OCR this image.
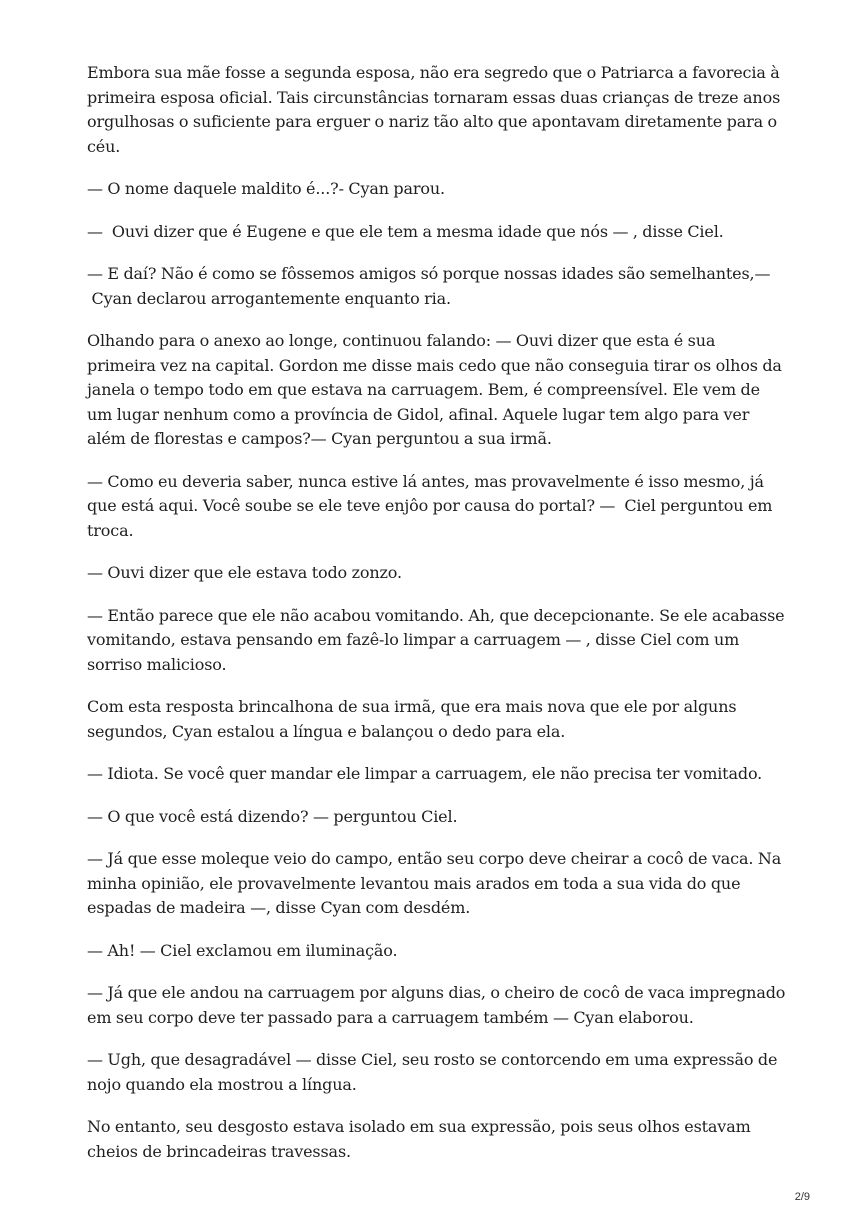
Embora sua mãe fosse a segunda esposa, não era segredo que o Patriarca a favorecia à primeira esposa oficial. Tais circunstâncias tornaram essas duas crianças de treze anos orgulhosas o suficiente para erguer o nariz tão alto que apontavam diretamente para o céu.

— O nome daquele maldito é...?- Cyan parou.

—  Ouvi dizer que é Eugene e que ele tem a mesma idade que nós — , disse Ciel.

— E daí? Não é como se fôssemos amigos só porque nossas idades são semelhantes,—
Cyan declarou arrogantemente enquanto ria.

Olhando para o anexo ao longe, continuou falando: — Ouvi dizer que esta é sua primeira vez na capital. Gordon me disse mais cedo que não conseguia tirar os olhos da janela o tempo todo em que estava na carruagem. Bem, é compreensível. Ele vem de um lugar nenhum como a província de Gidol, afinal. Aquele lugar tem algo para ver além de florestas e campos?— Cyan perguntou a sua irmã.

— Como eu deveria saber, nunca estive lá antes, mas provavelmente é isso mesmo, já que está aqui. Você soube se ele teve enjôo por causa do portal? —  Ciel perguntou em troca.

— Ouvi dizer que ele estava todo zonzo.

— Então parece que ele não acabou vomitando. Ah, que decepcionante. Se ele acabasse vomitando, estava pensando em fazê-lo limpar a carruagem — , disse Ciel com um sorriso malicioso.

Com esta resposta brincalhona de sua irmã, que era mais nova que ele por alguns segundos, Cyan estalou a língua e balançou o dedo para ela.

— Idiota. Se você quer mandar ele limpar a carruagem, ele não precisa ter vomitado.

— O que você está dizendo? — perguntou Ciel.

— Já que esse moleque veio do campo, então seu corpo deve cheirar a cocô de vaca. Na minha opinião, ele provavelmente levantou mais arados em toda a sua vida do que espadas de madeira —, disse Cyan com desdém.

— Ah! — Ciel exclamou em iluminação.

— Já que ele andou na carruagem por alguns dias, o cheiro de cocô de vaca impregnado em seu corpo deve ter passado para a carruagem também — Cyan elaborou.

— Ugh, que desagradável — disse Ciel, seu rosto se contorcendo em uma expressão de nojo quando ela mostrou a língua.

No entanto, seu desgosto estava isolado em sua expressão, pois seus olhos estavam cheios de brincadeiras travessas.

2/9
